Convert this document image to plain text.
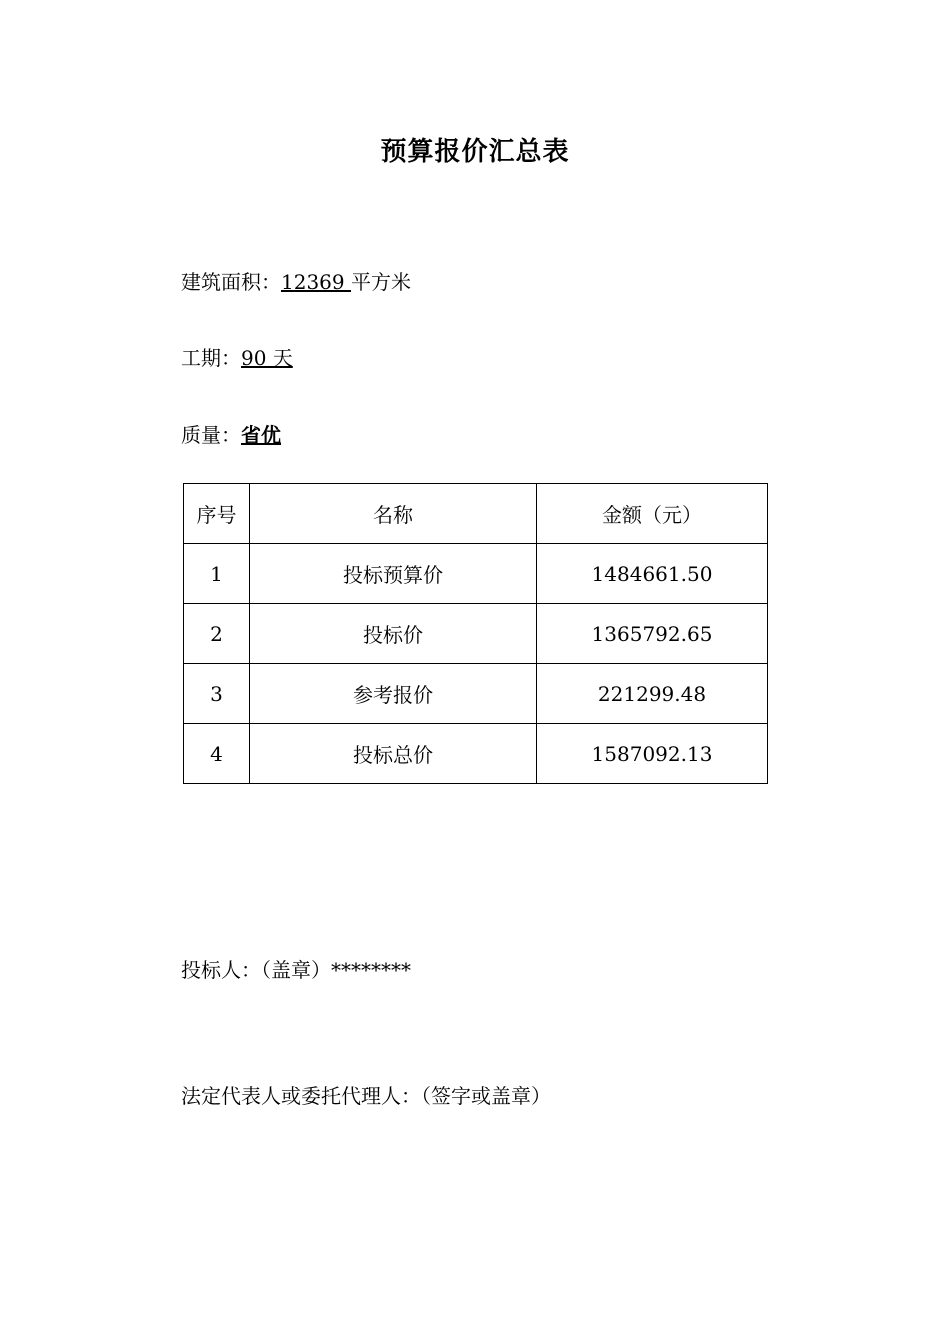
预算报价汇总表
建筑面积：12369 平方米
工期：90 天
质量：省优
序号	名称	金额（元）
1	投标预算价	1484661.50
2	投标价	1365792.65
3	参考报价	221299.48
4	投标总价	1587092.13
投标人：（盖章）********
法定代表人或委托代理人：（签字或盖章）
